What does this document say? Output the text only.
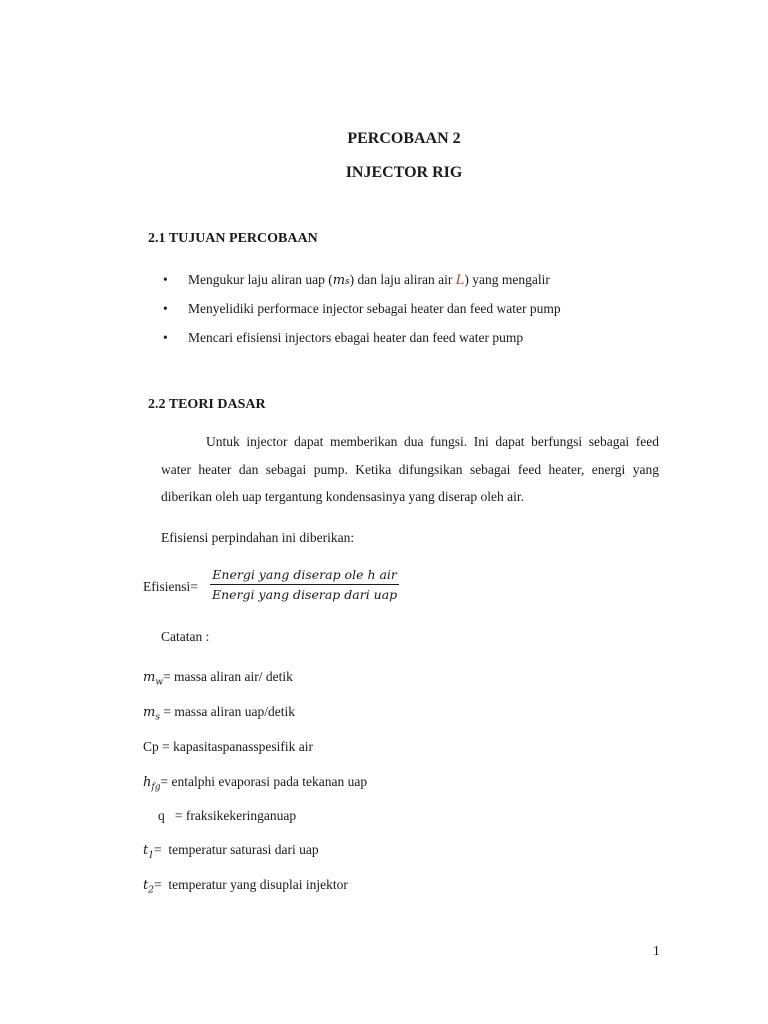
PERCOBAAN 2
INJECTOR RIG
2.1 TUJUAN PERCOBAAN
•	Mengukur laju aliran uap (ms) dan laju aliran air L) yang mengalir
•	Menyelidiki performace injector sebagai heater dan feed water pump
•	Mencari efisiensi injectors ebagai heater dan feed water pump
2.2 TEORI DASAR
Untuk injector dapat memberikan dua fungsi. Ini dapat berfungsi sebagai feed water heater dan sebagai pump. Ketika difungsikan sebagai feed heater, energi yang diberikan oleh uap tergantung kondensasinya yang diserap oleh air.
Efisiensi perpindahan ini diberikan:
Efisiensi=
Energi yang diserap ole h air
Energi yang diserap dari uap
Catatan :
$m_w=$ massa aliran air/ detik
$m_s$ = massa aliran uap/detik
Cp = kapasitaspanasspesifik air
$h_{fg}=$ entalphi evaporasi pada tekanan uap
q   = fraksikekeringanuap
$t_1=$  temperatur saturasi dari uap
$t_2=$  temperatur yang disuplai injektor
1
